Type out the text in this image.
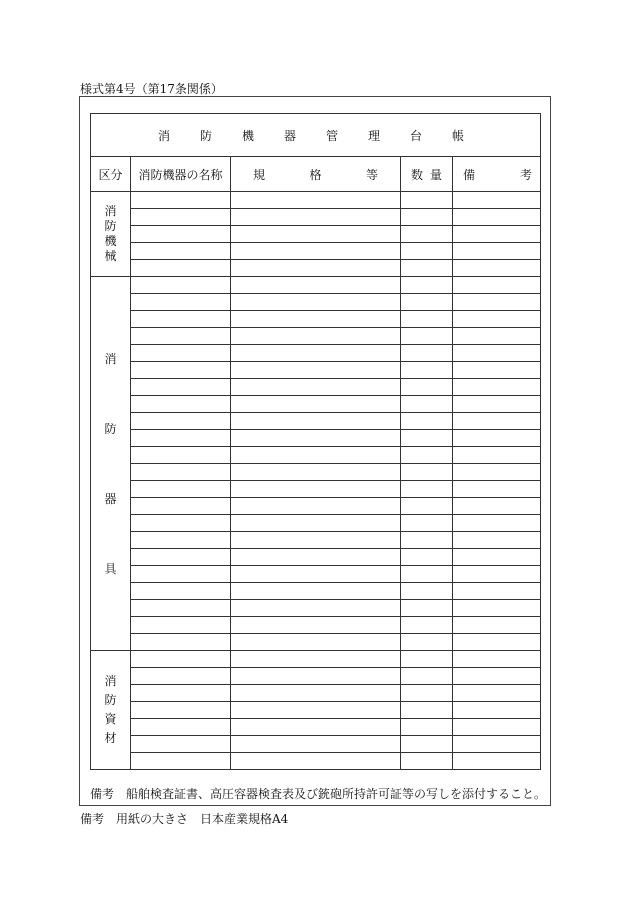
様式第4号（第17条関係）
消　防　機　器　管　理　台　帳				
区分	消防機器の名称	規 格 等	数 量	備 考

消
防
機
械				

消
防
器
具				

消
防
資
材				

備考　船舶検査証書、高圧容器検査表及び銃砲所持許可証等の写しを添付すること。
備考　用紙の大きさ　日本産業規格A4
